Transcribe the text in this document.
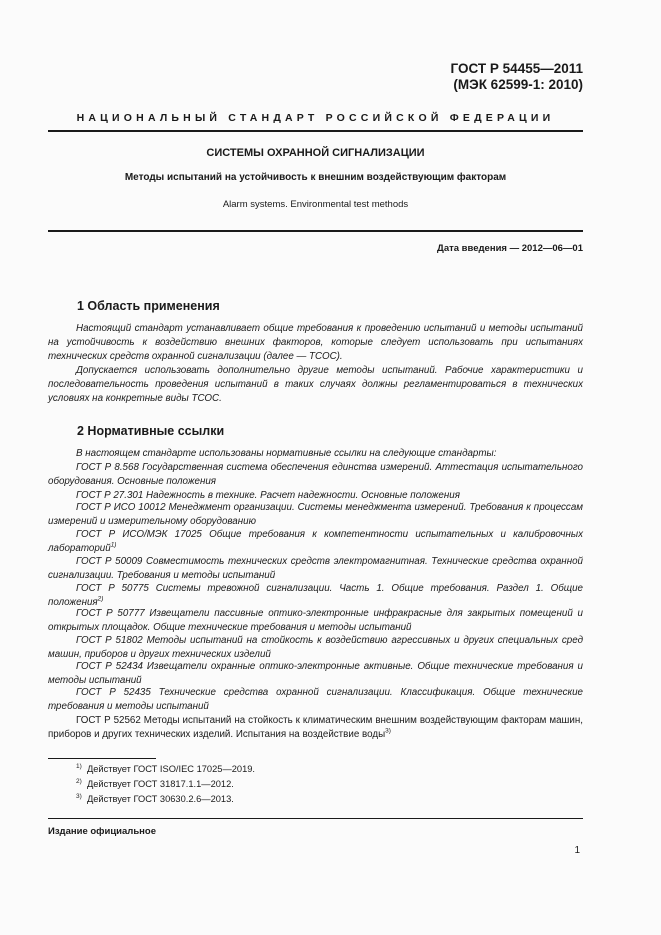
ГОСТ Р 54455—2011
(МЭК 62599-1: 2010)
НАЦИОНАЛЬНЫЙ СТАНДАРТ РОССИЙСКОЙ ФЕДЕРАЦИИ
СИСТЕМЫ ОХРАННОЙ СИГНАЛИЗАЦИИ
Методы испытаний на устойчивость к внешним воздействующим факторам
Alarm systems. Environmental test methods
Дата введения — 2012—06—01
1 Область применения
Настоящий стандарт устанавливает общие требования к проведению испытаний и методы испытаний на устойчивость к воздействию внешних факторов, которые следует использовать при испытаниях технических средств охранной сигнализации (далее — ТСОС).
Допускается использовать дополнительно другие методы испытаний. Рабочие характеристики и последовательность проведения испытаний в таких случаях должны регламентироваться в технических условиях на конкретные виды ТСОС.
2 Нормативные ссылки
В настоящем стандарте использованы нормативные ссылки на следующие стандарты:
ГОСТ Р 8.568 Государственная система обеспечения единства измерений. Аттестация испытательного оборудования. Основные положения
ГОСТ Р 27.301 Надежность в технике. Расчет надежности. Основные положения
ГОСТ Р ИСО 10012 Менеджмент организации. Системы менеджмента измерений. Требования к процессам измерений и измерительному оборудованию
ГОСТ Р ИСО/МЭК 17025 Общие требования к компетентности испытательных и калибровочных лабораторий$^{1)}$
ГОСТ Р 50009 Совместимость технических средств электромагнитная. Технические средства охранной сигнализации. Требования и методы испытаний
ГОСТ Р 50775 Системы тревожной сигнализации. Часть 1. Общие требования. Раздел 1. Общие положения$^{2)}$
ГОСТ Р 50777 Извещатели пассивные оптико-электронные инфракрасные для закрытых помещений и открытых площадок. Общие технические требования и методы испытаний
ГОСТ Р 51802 Методы испытаний на стойкость к воздействию агрессивных и других специальных сред машин, приборов и других технических изделий
ГОСТ Р 52434 Извещатели охранные оптико-электронные активные. Общие технические требования и методы испытаний
ГОСТ Р 52435 Технические средства охранной сигнализации. Классификация. Общие технические требования и методы испытаний
ГОСТ Р 52562 Методы испытаний на стойкость к климатическим внешним воздействующим факторам машин, приборов и других технических изделий. Испытания на воздействие воды$^{3)}$
$^{1)}$ Действует ГОСТ ISO/IEC 17025—2019.
$^{2)}$ Действует ГОСТ 31817.1.1—2012.
$^{3)}$ Действует ГОСТ 30630.2.6—2013.
Издание официальное
1
